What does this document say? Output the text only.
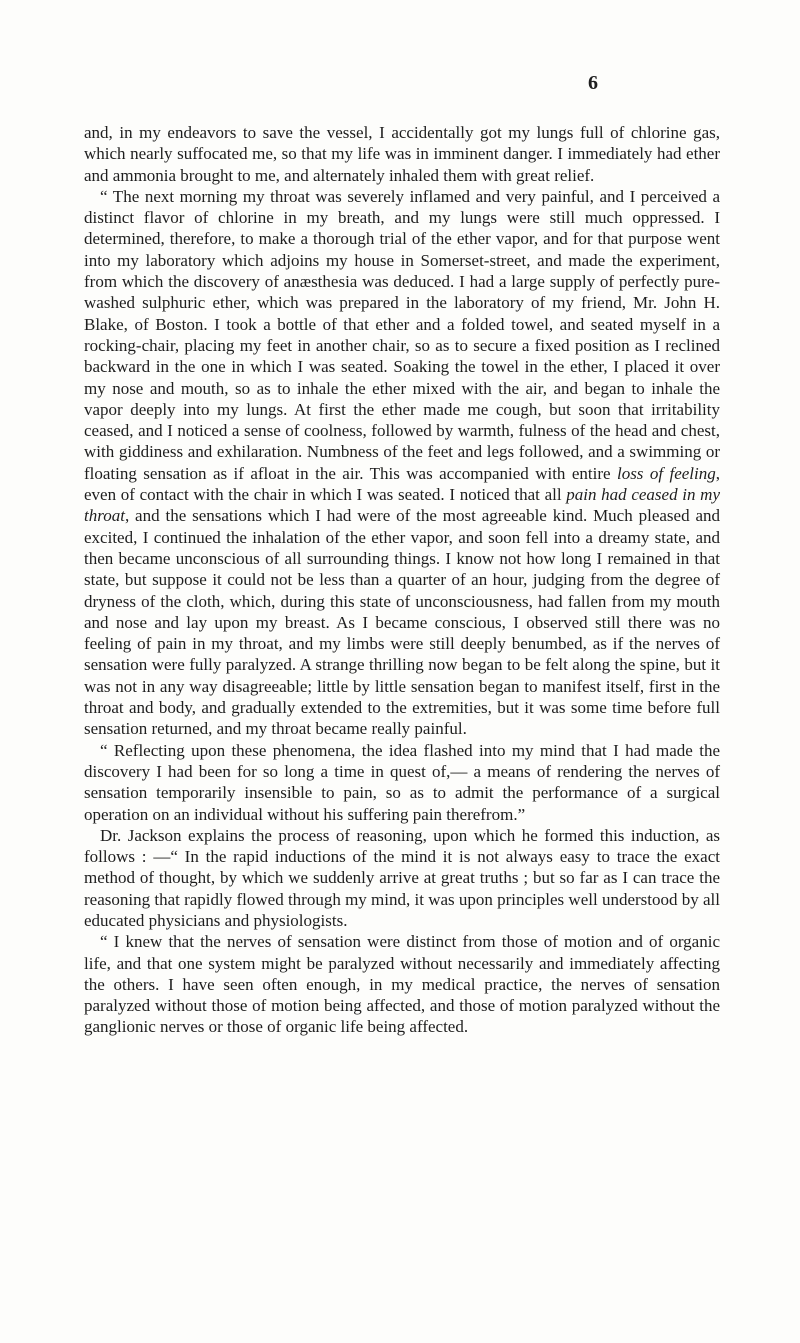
6

and, in my endeavors to save the vessel, I accidentally got my lungs full of chlorine gas, which nearly suffocated me, so that my life was in imminent danger. I immediately had ether and ammonia brought to me, and alternately inhaled them with great relief.

“ The next morning my throat was severely inflamed and very painful, and I perceived a distinct flavor of chlorine in my breath, and my lungs were still much oppressed. I determined, therefore, to make a thorough trial of the ether vapor, and for that purpose went into my laboratory which adjoins my house in Somerset-street, and made the experiment, from which the discovery of anæsthesia was deduced. I had a large supply of perfectly pure-washed sulphuric ether, which was prepared in the laboratory of my friend, Mr. John H. Blake, of Boston. I took a bottle of that ether and a folded towel, and seated myself in a rocking-chair, placing my feet in another chair, so as to secure a fixed position as I reclined backward in the one in which I was seated. Soaking the towel in the ether, I placed it over my nose and mouth, so as to inhale the ether mixed with the air, and began to inhale the vapor deeply into my lungs. At first the ether made me cough, but soon that irritability ceased, and I noticed a sense of coolness, followed by warmth, fulness of the head and chest, with giddiness and exhilaration. Numbness of the feet and legs followed, and a swimming or floating sensation as if afloat in the air. This was accompanied with entire loss of feeling, even of contact with the chair in which I was seated. I noticed that all pain had ceased in my throat, and the sensations which I had were of the most agreeable kind. Much pleased and excited, I continued the inhalation of the ether vapor, and soon fell into a dreamy state, and then became unconscious of all surrounding things. I know not how long I remained in that state, but suppose it could not be less than a quarter of an hour, judging from the degree of dryness of the cloth, which, during this state of unconsciousness, had fallen from my mouth and nose and lay upon my breast. As I became conscious, I observed still there was no feeling of pain in my throat, and my limbs were still deeply benumbed, as if the nerves of sensation were fully paralyzed. A strange thrilling now began to be felt along the spine, but it was not in any way disagreeable; little by little sensation began to manifest itself, first in the throat and body, and gradually extended to the extremities, but it was some time before full sensation returned, and my throat became really painful.

“ Reflecting upon these phenomena, the idea flashed into my mind that I had made the discovery I had been for so long a time in quest of,— a means of rendering the nerves of sensation temporarily insensible to pain, so as to admit the performance of a surgical operation on an individual without his suffering pain therefrom.”

Dr. Jackson explains the process of reasoning, upon which he formed this induction, as follows : —“ In the rapid inductions of the mind it is not always easy to trace the exact method of thought, by which we suddenly arrive at great truths ; but so far as I can trace the reasoning that rapidly flowed through my mind, it was upon principles well understood by all educated physicians and physiologists.

“ I knew that the nerves of sensation were distinct from those of motion and of organic life, and that one system might be paralyzed without necessarily and immediately affecting the others. I have seen often enough, in my medical practice, the nerves of sensation paralyzed without those of motion being affected, and those of motion paralyzed without the ganglionic nerves or those of organic life being affected.
